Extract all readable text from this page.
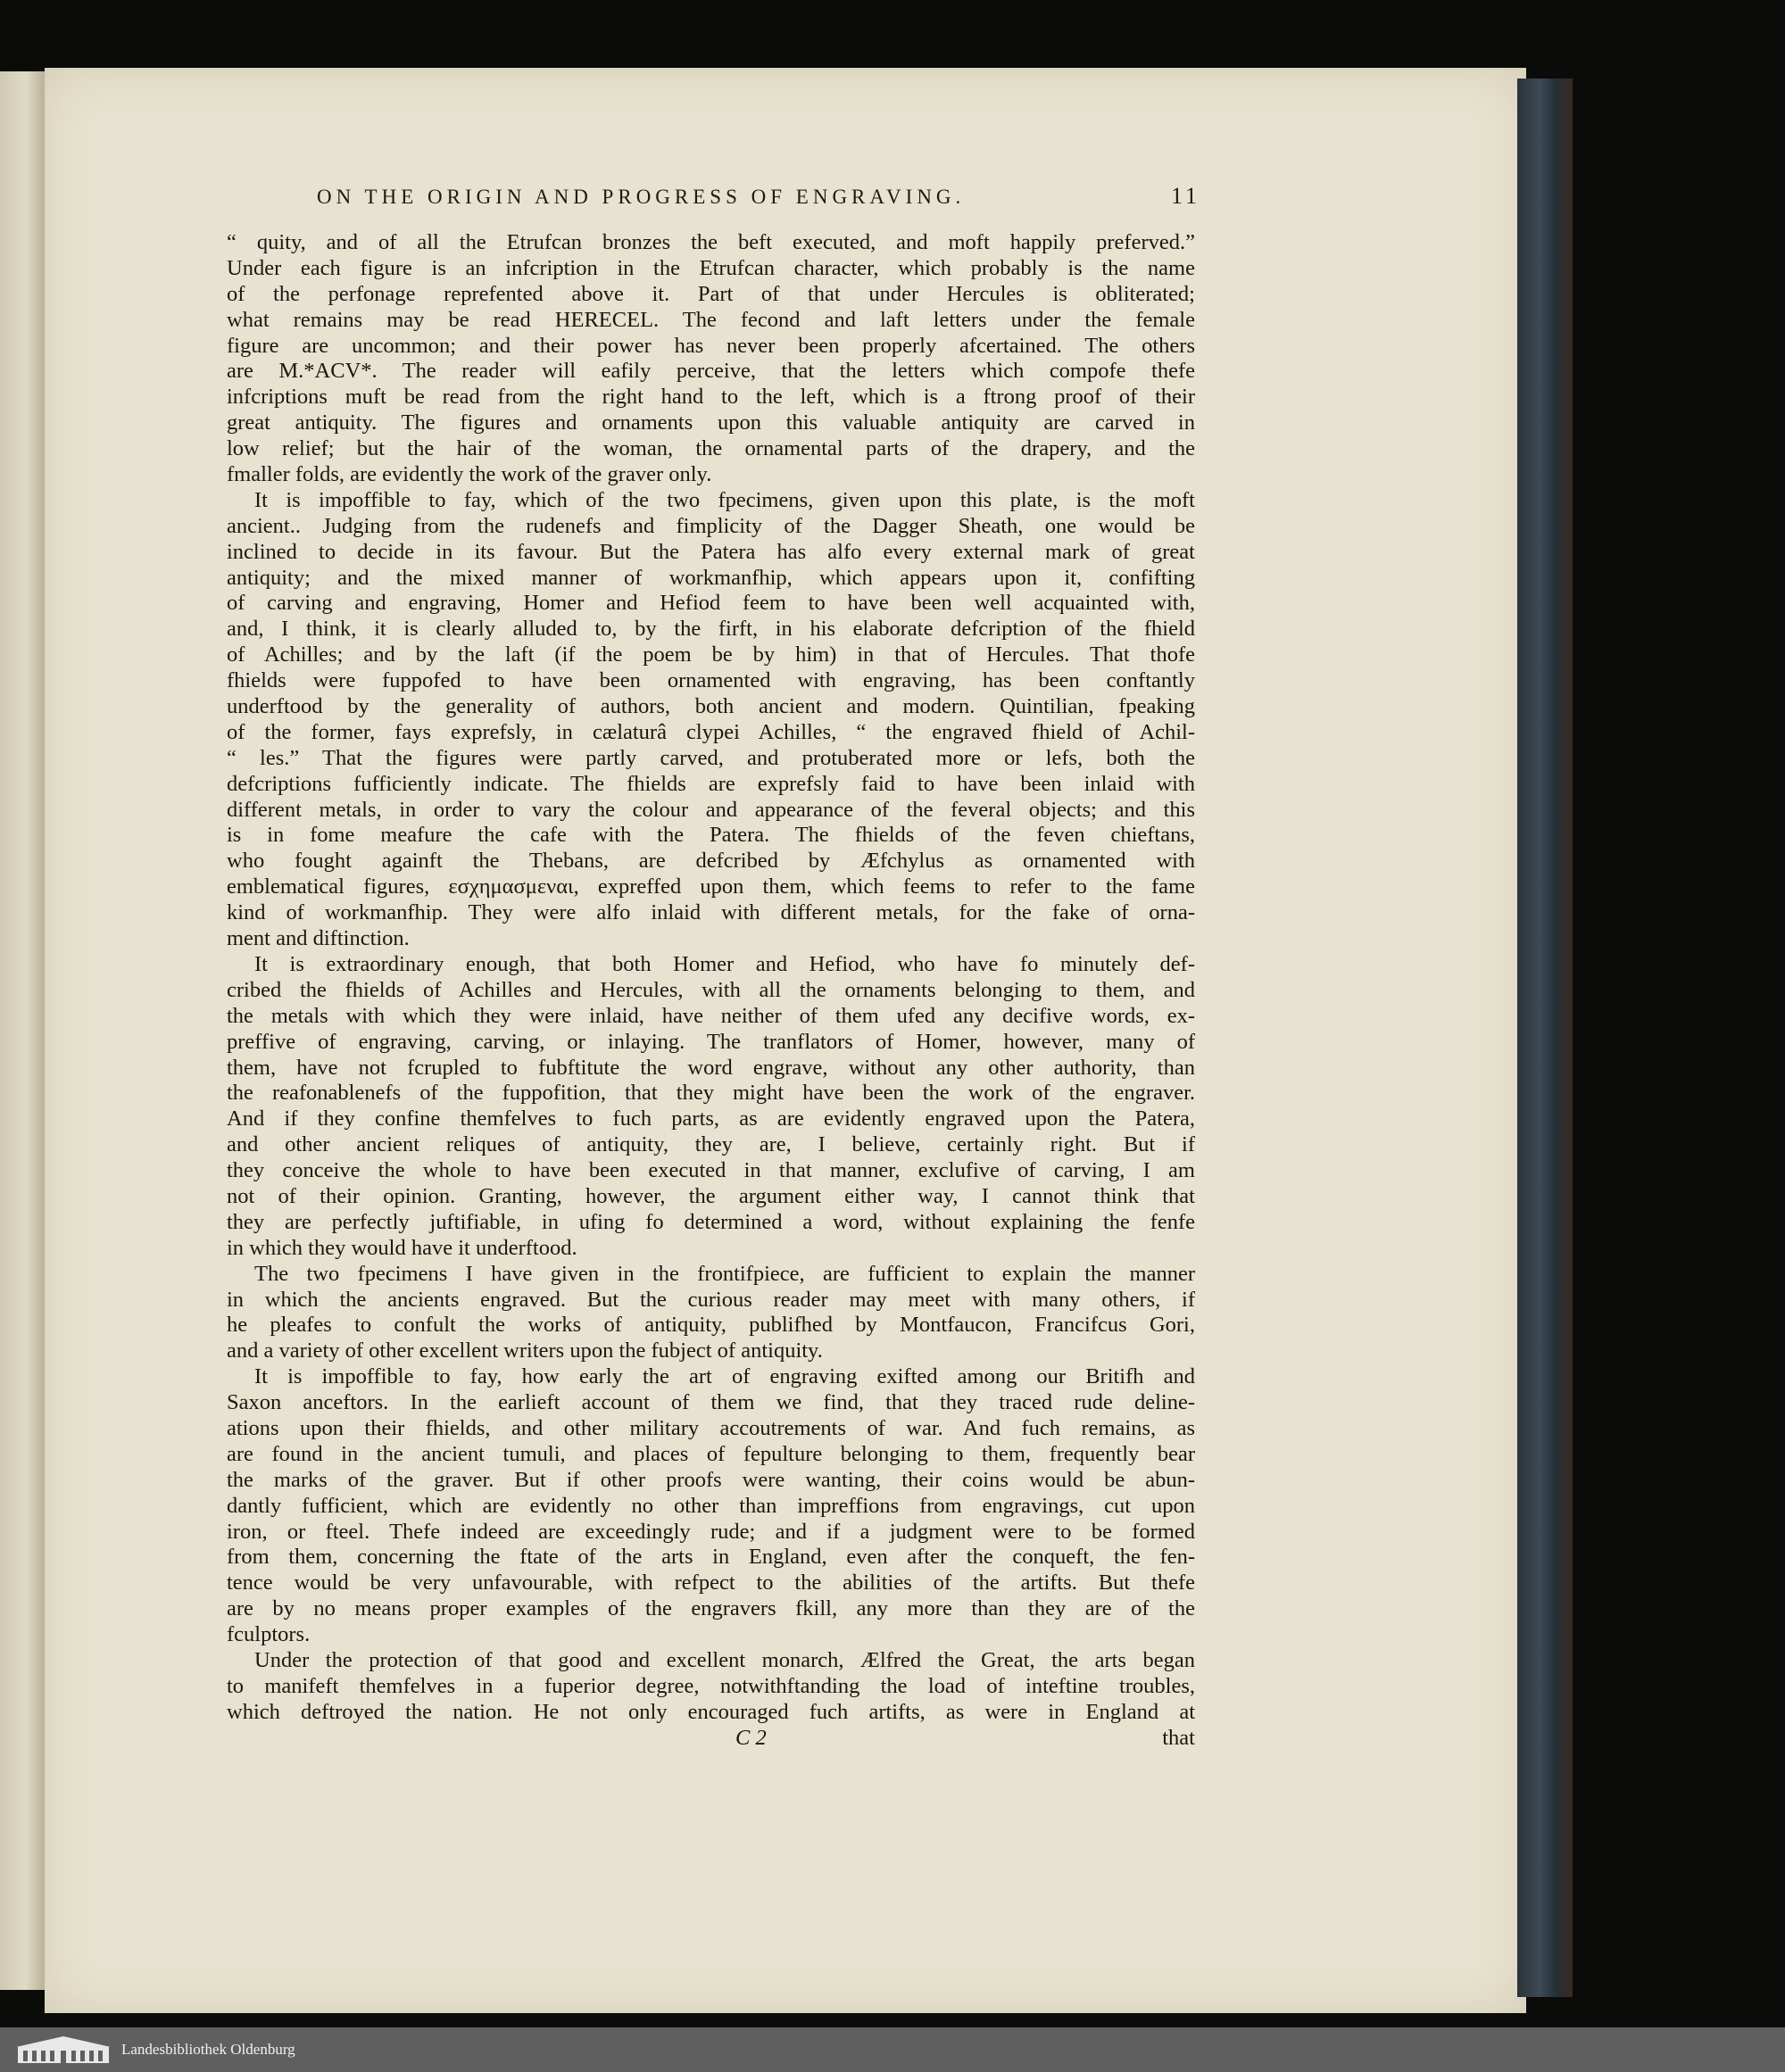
ON THE ORIGIN AND PROGRESS OF ENGRAVING.	11
“ quity, and of all the Etrufcan bronzes the beft executed, and moft happily preferved.”
Under each figure is an infcription in the Etrufcan character, which probably is the name
of the perfonage reprefented above it. Part of that under Hercules is obliterated;
what remains may be read HERECEL. The fecond and laft letters under the female
figure are uncommon; and their power has never been properly afcertained. The others
are M.*ACV*. The reader will eafily perceive, that the letters which compofe thefe
infcriptions muft be read from the right hand to the left, which is a ftrong proof of their
great antiquity. The figures and ornaments upon this valuable antiquity are carved in
low relief; but the hair of the woman, the ornamental parts of the drapery, and the
fmaller folds, are evidently the work of the graver only.
It is impoffible to fay, which of the two fpecimens, given upon this plate, is the moft
ancient.. Judging from the rudenefs and fimplicity of the Dagger Sheath, one would be
inclined to decide in its favour. But the Patera has alfo every external mark of great
antiquity; and the mixed manner of workmanfhip, which appears upon it, confifting
of carving and engraving, Homer and Hefiod feem to have been well acquainted with,
and, I think, it is clearly alluded to, by the firft, in his elaborate defcription of the fhield
of Achilles; and by the laft (if the poem be by him) in that of Hercules. That thofe
fhields were fuppofed to have been ornamented with engraving, has been conftantly
underftood by the generality of authors, both ancient and modern. Quintilian, fpeaking
of the former, fays exprefsly, in cælaturâ clypei Achilles, “ the engraved fhield of Achil-
“ les.” That the figures were partly carved, and protuberated more or lefs, both the
defcriptions fufficiently indicate. The fhields are exprefsly faid to have been inlaid with
different metals, in order to vary the colour and appearance of the feveral objects; and this
is in fome meafure the cafe with the Patera. The fhields of the feven chieftans,
who fought againft the Thebans, are defcribed by Æfchylus as ornamented with
emblematical figures, εσχημασμεναι, expreffed upon them, which feems to refer to the fame
kind of workmanfhip. They were alfo inlaid with different metals, for the fake of orna-
ment and diftinction.
It is extraordinary enough, that both Homer and Hefiod, who have fo minutely def-
cribed the fhields of Achilles and Hercules, with all the ornaments belonging to them, and
the metals with which they were inlaid, have neither of them ufed any decifive words, ex-
preffive of engraving, carving, or inlaying. The tranflators of Homer, however, many of
them, have not fcrupled to fubftitute the word engrave, without any other authority, than
the reafonablenefs of the fuppofition, that they might have been the work of the engraver.
And if they confine themfelves to fuch parts, as are evidently engraved upon the Patera,
and other ancient reliques of antiquity, they are, I believe, certainly right. But if
they conceive the whole to have been executed in that manner, exclufive of carving, I am
not of their opinion. Granting, however, the argument either way, I cannot think that
they are perfectly juftifiable, in ufing fo determined a word, without explaining the fenfe
in which they would have it underftood.
The two fpecimens I have given in the frontifpiece, are fufficient to explain the manner
in which the ancients engraved. But the curious reader may meet with many others, if
he pleafes to confult the works of antiquity, publifhed by Montfaucon, Francifcus Gori,
and a variety of other excellent writers upon the fubject of antiquity.
It is impoffible to fay, how early the art of engraving exifted among our Britifh and
Saxon anceftors. In the earlieft account of them we find, that they traced rude deline-
ations upon their fhields, and other military accoutrements of war. And fuch remains, as
are found in the ancient tumuli, and places of fepulture belonging to them, frequently bear
the marks of the graver. But if other proofs were wanting, their coins would be abun-
dantly fufficient, which are evidently no other than impreffions from engravings, cut upon
iron, or fteel. Thefe indeed are exceedingly rude; and if a judgment were to be formed
from them, concerning the ftate of the arts in England, even after the conqueft, the fen-
tence would be very unfavourable, with refpect to the abilities of the artifts. But thefe
are by no means proper examples of the engravers fkill, any more than they are of the
fculptors.
Under the protection of that good and excellent monarch, Ælfred the Great, the arts began
to manifeft themfelves in a fuperior degree, notwithftanding the load of inteftine troubles,
which deftroyed the nation. He not only encouraged fuch artifts, as were in England at
C 2	that
Landesbibliothek Oldenburg
